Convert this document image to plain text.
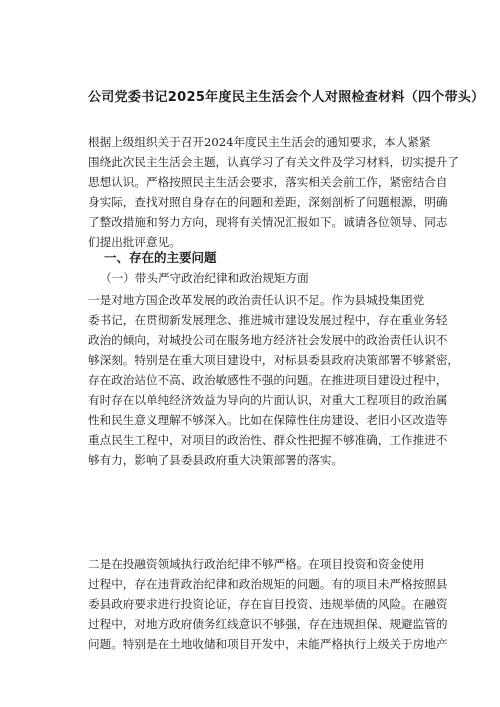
公司党委书记2025年度民主生活会个人对照检查材料（四个带头）
根据上级组织关于召开2024年度民主生活会的通知要求，本人紧紧
围绕此次民主生活会主题，认真学习了有关文件及学习材料，切实提升了
思想认识。严格按照民主生活会要求，落实相关会前工作，紧密结合自
身实际，查找对照自身存在的问题和差距，深刻剖析了问题根源，明确
了整改措施和努力方向，现将有关情况汇报如下。诚请各位领导、同志
们提出批评意见。
一、存在的主要问题
（一）带头严守政治纪律和政治规矩方面
一是对地方国企改革发展的政治责任认识不足。作为县城投集团党
委书记，在贯彻新发展理念、推进城市建设发展过程中，存在重业务轻
政治的倾向，对城投公司在服务地方经济社会发展中的政治责任认识不
够深刻。特别是在重大项目建设中，对标县委县政府决策部署不够紧密，
存在政治站位不高、政治敏感性不强的问题。在推进项目建设过程中，
有时存在以单纯经济效益为导向的片面认识，对重大工程项目的政治属
性和民生意义理解不够深入。比如在保障性住房建设、老旧小区改造等
重点民生工程中，对项目的政治性、群众性把握不够准确，工作推进不
够有力，影响了县委县政府重大决策部署的落实。
二是在投融资领域执行政治纪律不够严格。在项目投资和资金使用
过程中，存在违背政治纪律和政治规矩的问题。有的项目未严格按照县
委县政府要求进行投资论证，存在盲目投资、违规举债的风险。在融资
过程中，对地方政府债务红线意识不够强，存在违规担保、规避监管的
问题。特别是在土地收储和项目开发中，未能严格执行上级关于房地产
